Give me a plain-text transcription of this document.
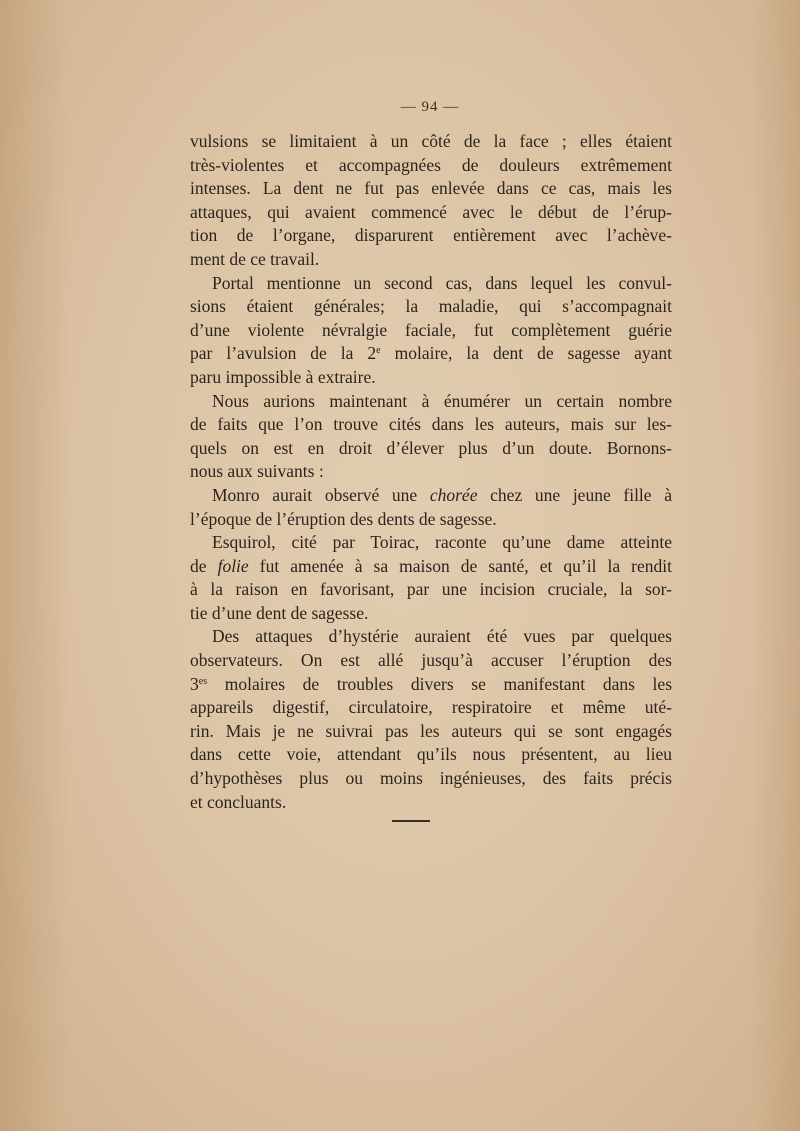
— 94 —
vulsions se limitaient à un côté de la face ; elles étaient
très-violentes et accompagnées de douleurs extrêmement
intenses. La dent ne fut pas enlevée dans ce cas, mais les
attaques, qui avaient commencé avec le début de l’érup-
tion de l’organe, disparurent entièrement avec l’achève-
ment de ce travail.
Portal mentionne un second cas, dans lequel les convul-
sions étaient générales; la maladie, qui s’accompagnait
d’une violente névralgie faciale, fut complètement guérie
par l’avulsion de la 2e molaire, la dent de sagesse ayant
paru impossible à extraire.
Nous aurions maintenant à énumérer un certain nombre
de faits que l’on trouve cités dans les auteurs, mais sur les-
quels on est en droit d’élever plus d’un doute. Bornons-
nous aux suivants :
Monro aurait observé une chorée chez une jeune fille à
l’époque de l’éruption des dents de sagesse.
Esquirol, cité par Toirac, raconte qu’une dame atteinte
de folie fut amenée à sa maison de santé, et qu’il la rendit
à la raison en favorisant, par une incision cruciale, la sor-
tie d’une dent de sagesse.
Des attaques d’hystérie auraient été vues par quelques
observateurs. On est allé jusqu’à accuser l’éruption des
$3^{es}$ molaires de troubles divers se manifestant dans les
appareils digestif, circulatoire, respiratoire et même uté-
rin. Mais je ne suivrai pas les auteurs qui se sont engagés
dans cette voie, attendant qu’ils nous présentent, au lieu
d’hypothèses plus ou moins ingénieuses, des faits précis
et concluants.
